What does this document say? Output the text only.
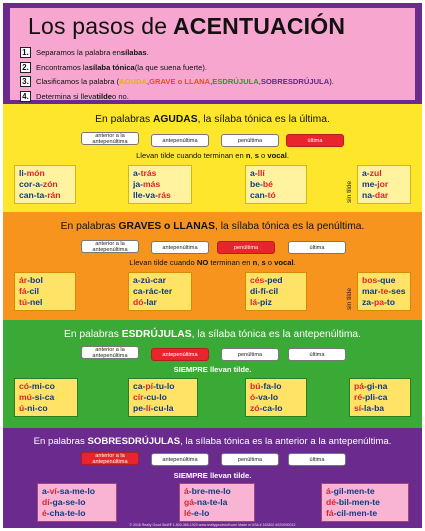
Los pasos de ACENTUACIÓN
1. Separamos la palabra en sílabas .
2. Encontramos la sílaba tónica (la que suena fuerte).
3. Clasificamos la palabra ( AGUDA , GRAVE o LLANA , ESDRÚJULA , SOBRESDRÚJULA ).
4. Determina si lleva tilde o no.
En palabras AGUDAS, la sílaba tónica es la última.
anterior a la antepenúltima	antepenúltima	penúltima	última
Llevan tilde cuando terminan en n, s o vocal.
li-món
cor-a-zón
can-ta-rán
a-trás
ja-más
lle-va-rás
a-llí
be-bé
can-tó	sin tilde
a-zul
me-jor
na-dar
En palabras GRAVES o LLANAS, la sílaba tónica es la penúltima.
anterior a la antepenúltima	antepenúltima	penúltima	última
Llevan tilde cuando NO terminan en n, s o vocal.
ár-bol
fá-cil
tú-nel
a-zú-car
ca-rác-ter
dó-lar
cés-ped
di-fí-cil
lá-piz	sin tilde
bos-que
mar-te-ses
za-pa-to
En palabras ESDRÚJULAS, la sílaba tónica es la antepenúltima.
anterior a la antepenúltima	antepenúltima	penúltima	última
SIEMPRE llevan tilde.
có-mi-co
mú-si-ca
ú-ni-co
ca-pí-tu-lo
cír-cu-lo
pe-lí-cu-la
bú-fa-lo
ó-va-lo
zó-ca-lo
pá-gi-na
ré-pli-ca
sí-la-ba
En palabras SOBRESDRÚJULAS, la sílaba tónica es la anterior a la antepenúltima.
anterior a la antepenúltima	antepenúltima	penúltima	última
SIEMPRE llevan tilde.
a-ví-sa-me-lo
dí-ga-se-lo
é-cha-te-lo
á-bre-me-lo
gá-na-te-la
lé-e-lo
á-gil-men-te
dé-bil-men-te
fá-cil-men-te
© 2016 Really Good Stuff® 1-800-366-1920 www.reallygoodstuff.com Made in USA # 163302 #SS0000012
